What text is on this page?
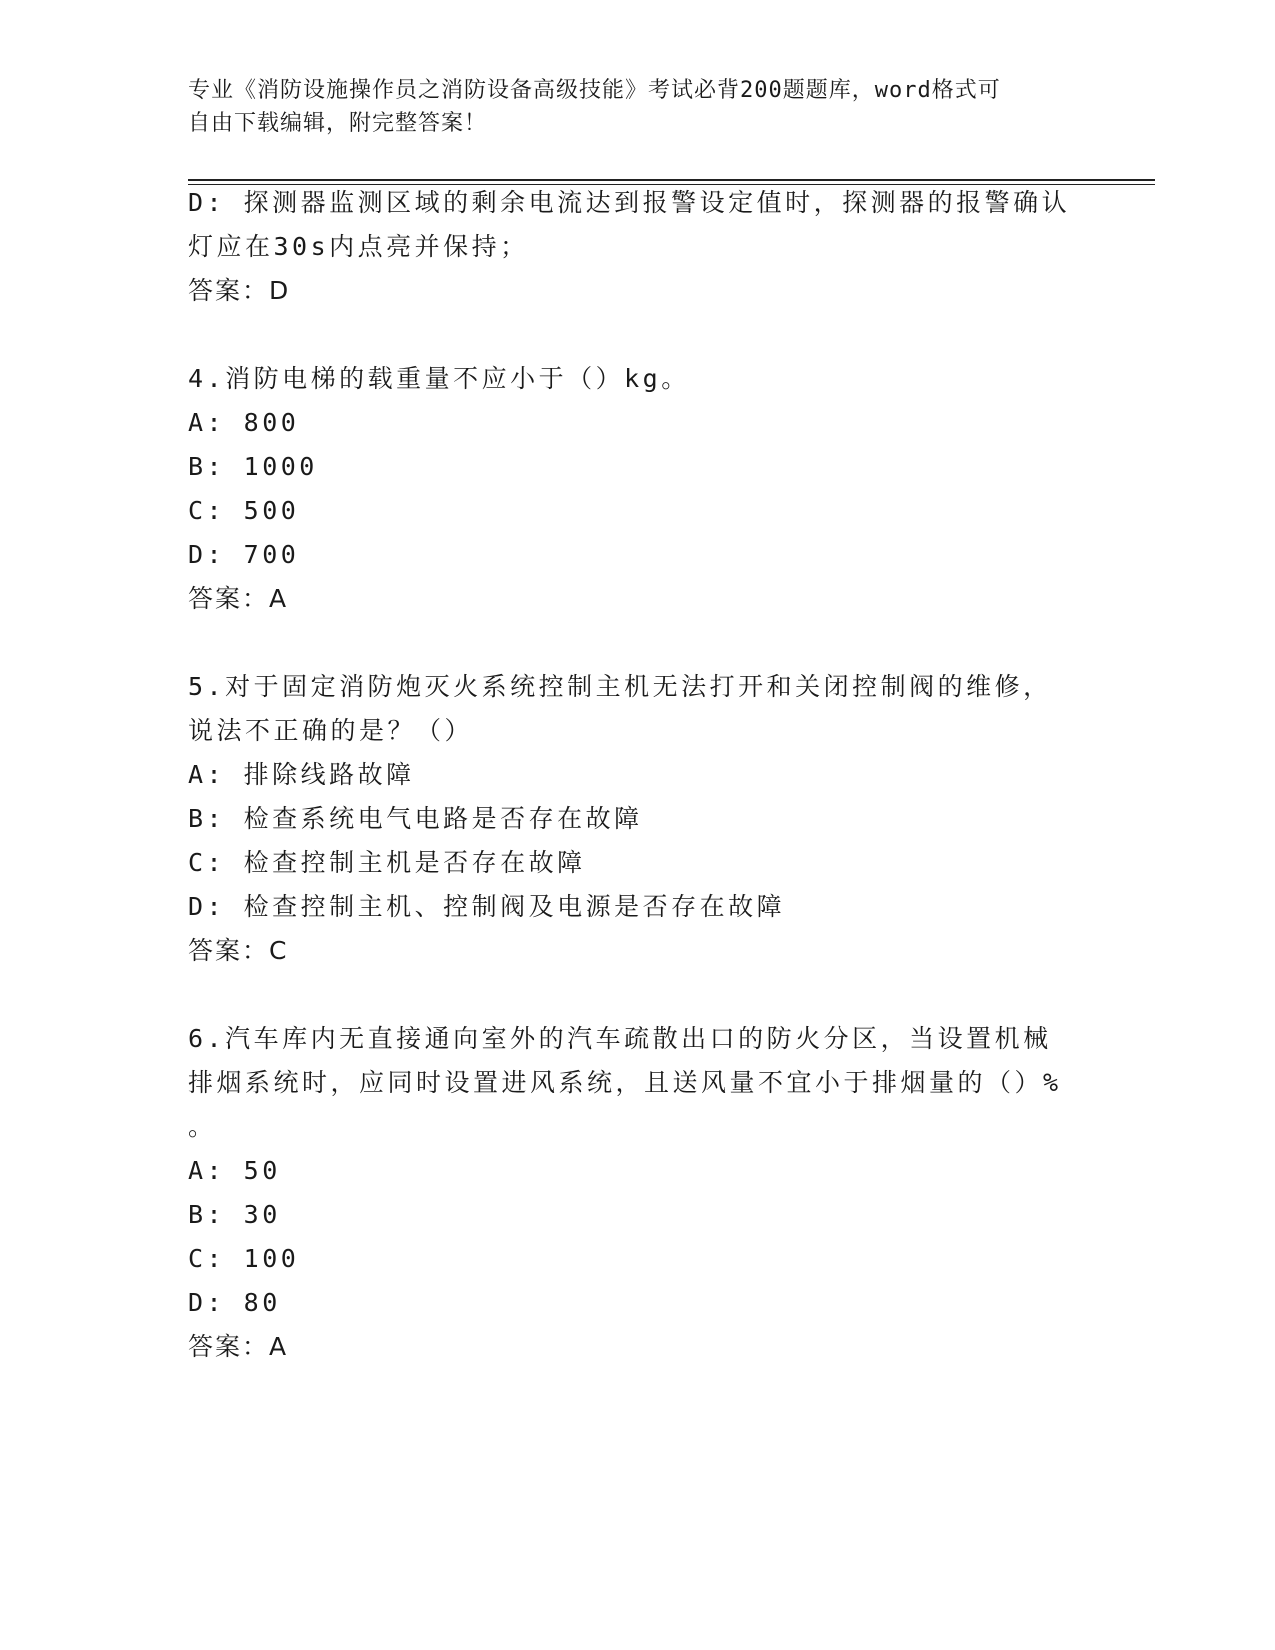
专业《消防设施操作员之消防设备高级技能》考试必背200题题库，word格式可
自由下载编辑，附完整答案！
D: 探测器监测区域的剩余电流达到报警设定值时，探测器的报警确认
灯应在30s内点亮并保持；
答案：D
4.消防电梯的载重量不应小于（）kg。
A: 800
B: 1000
C: 500
D: 700
答案：A
5.对于固定消防炮灭火系统控制主机无法打开和关闭控制阀的维修，
说法不正确的是？（）
A: 排除线路故障
B: 检查系统电气电路是否存在故障
C: 检查控制主机是否存在故障
D: 检查控制主机、控制阀及电源是否存在故障
答案：C
6.汽车库内无直接通向室外的汽车疏散出口的防火分区，当设置机械
排烟系统时，应同时设置进风系统，且送风量不宜小于排烟量的（）%
。
A: 50
B: 30
C: 100
D: 80
答案：A
